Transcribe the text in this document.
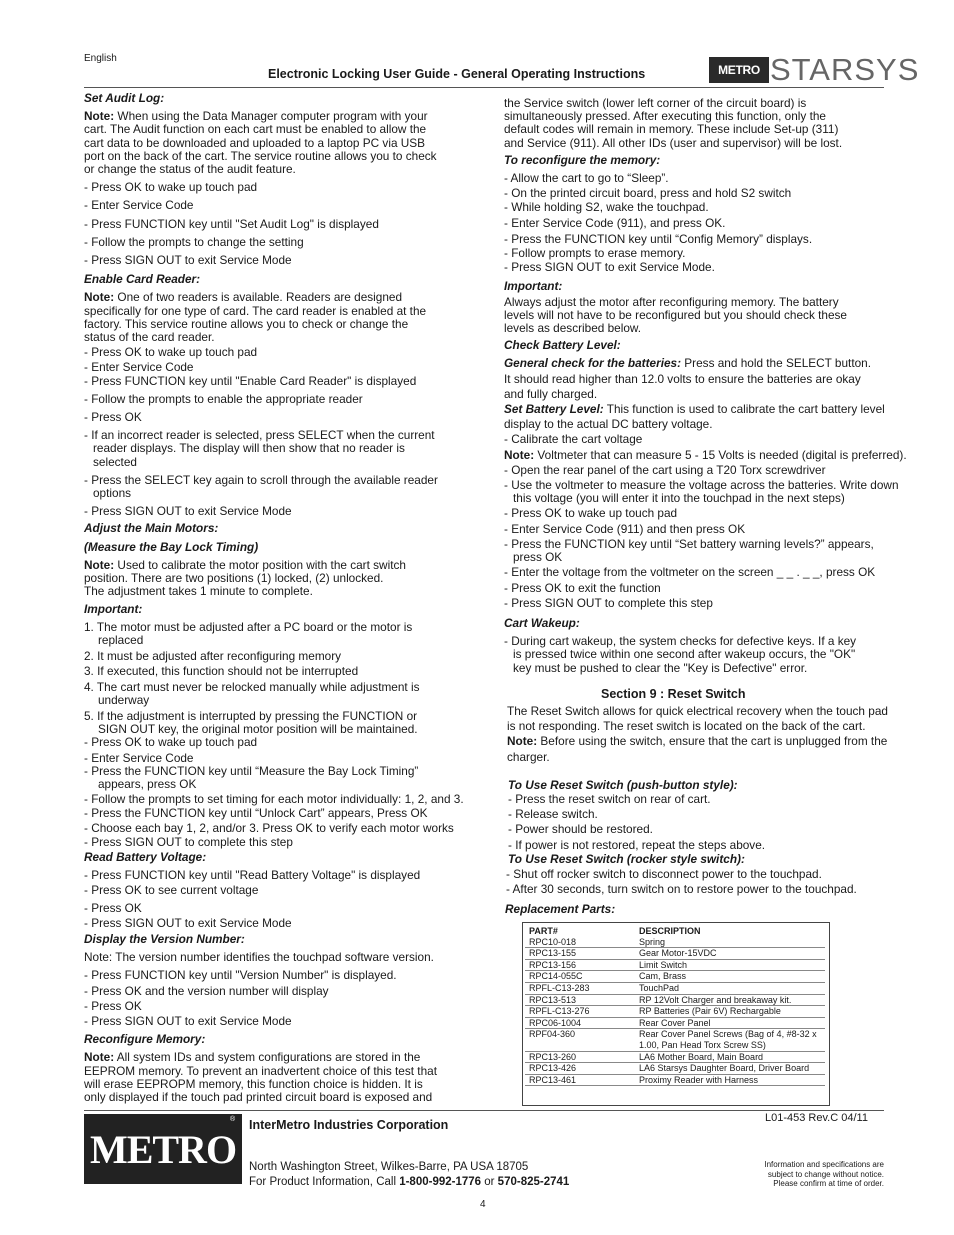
English
Electronic Locking User Guide - General Operating Instructions	METRO STARSYS
Set Audit Log:
Note: When using the Data Manager computer program with your
cart. The Audit function on each cart must be enabled to allow the
cart data to be downloaded and uploaded to a laptop PC via USB
port on the back of the cart. The service routine allows you to check
or change the status of the audit feature.
- Press OK to wake up touch pad
- Enter Service Code
- Press FUNCTION key until "Set Audit Log" is displayed
- Follow the prompts to change the setting
- Press SIGN OUT to exit Service Mode
Enable Card Reader:
Note: One of two readers is available. Readers are designed
specifically for one type of card. The card reader is enabled at the
factory. This service routine allows you to check or change the
status of the card reader.
- Press OK to wake up touch pad
- Enter Service Code
- Press FUNCTION key until "Enable Card Reader" is displayed
- Follow the prompts to enable the appropriate reader
- Press OK
- If an incorrect reader is selected, press SELECT when the current
reader displays. The display will then show that no reader is
selected
- Press the SELECT key again to scroll through the available reader
options
- Press SIGN OUT to exit Service Mode
Adjust the Main Motors:
(Measure the Bay Lock Timing)
Note: Used to calibrate the motor position with the cart switch
position. There are two positions (1) locked, (2) unlocked.
The adjustment takes 1 minute to complete.
Important:
1. The motor must be adjusted after a PC board or the motor is
replaced
2. It must be adjusted after reconfiguring memory
3. If executed, this function should not be interrupted
4. The cart must never be relocked manually while adjustment is
underway
5. If the adjustment is interrupted by pressing the FUNCTION or
SIGN OUT key, the original motor position will be maintained.
- Press OK to wake up touch pad
- Enter Service Code
- Press the FUNCTION key until “Measure the Bay Lock Timing”
appears, press OK
- Follow the prompts to set timing for each motor individually: 1, 2, and 3.
- Press the FUNCTION key until “Unlock Cart” appears, Press OK
- Choose each bay 1, 2, and/or 3. Press OK to verify each motor works
- Press SIGN OUT to complete this step
Read Battery Voltage:
- Press FUNCTION key until "Read Battery Voltage" is displayed
- Press OK to see current voltage
- Press OK
- Press SIGN OUT to exit Service Mode
Display the Version Number:
Note: The version number identifies the touchpad software version.
- Press FUNCTION key until "Version Number" is displayed.
- Press OK and the version number will display
- Press OK
- Press SIGN OUT to exit Service Mode
Reconfigure Memory:
Note: All system IDs and system configurations are stored in the
EEPROM memory. To prevent an inadvertent choice of this test that
will erase EEPROPM memory, this function choice is hidden. It is
only displayed if the touch pad printed circuit board is exposed and
the Service switch (lower left corner of the circuit board) is
simultaneously pressed. After executing this function, only the
default codes will remain in memory. These include Set-up (311)
and Service (911). All other IDs (user and supervisor) will be lost.
To reconfigure the memory:
- Allow the cart to go to “Sleep”.
- On the printed circuit board, press and hold S2 switch
- While holding S2, wake the touchpad.
- Enter Service Code (911), and press OK.
- Press the FUNCTION key until “Config Memory” displays.
- Follow prompts to erase memory.
- Press SIGN OUT to exit Service Mode.
Important:
Always adjust the motor after reconfiguring memory. The battery
levels will not have to be reconfigured but you should check these
levels as described below.
Check Battery Level:
General check for the batteries: Press and hold the SELECT button.
It should read higher than 12.0 volts to ensure the batteries are okay
and fully charged.
Set Battery Level: This function is used to calibrate the cart battery level
display to the actual DC battery voltage.
- Calibrate the cart voltage
Note: Voltmeter that can measure 5 - 15 Volts is needed (digital is preferred).
- Open the rear panel of the cart using a T20 Torx screwdriver
- Use the voltmeter to measure the voltage across the batteries. Write down
this voltage (you will enter it into the touchpad in the next steps)
- Press OK to wake up touch pad
- Enter Service Code (911) and then press OK
- Press the FUNCTION key until “Set battery warning levels?” appears,
press OK
- Enter the voltage from the voltmeter on the screen _ _ . _ _, press OK
- Press OK to exit the function
- Press SIGN OUT to complete this step
Cart Wakeup:
- During cart wakeup, the system checks for defective keys. If a key
is pressed twice within one second after wakeup occurs, the "OK"
key must be pushed to clear the "Key is Defective" error.
Section 9 : Reset Switch
The Reset Switch allows for quick electrical recovery when the touch pad
is not responding. The reset switch is located on the back of the cart.
Note: Before using the switch, ensure that the cart is unplugged from the
charger.
To Use Reset Switch (push-button style):
- Press the reset switch on rear of cart.
- Release switch.
- Power should be restored.
- If power is not restored, repeat the steps above.
To Use Reset Switch (rocker style switch):
- Shut off rocker switch to disconnect power to the touchpad.
- After 30 seconds, turn switch on to restore power to the touchpad.
Replacement Parts:
PART#	DESCRIPTION
RPC10-018	Spring
RPC13-155	Gear Motor-15VDC
RPC13-156	Limit Switch
RPC14-055C	Cam, Brass
RPFL-C13-283	TouchPad
RPC13-513	RP 12Volt Charger and breakaway kit.
RPFL-C13-276	RP Batteries (Pair 6V) Rechargable
RPC06-1004	Rear Cover Panel
RPF04-360	Rear Cover Panel Screws (Bag of 4, #8-32 x 1.00, Pan Head Torx Screw SS)
RPC13-260	LA6 Mother Board, Main Board
RPC13-426	LA6 Starsys Daughter Board, Driver Board
RPC13-461	Proximy Reader with Harness
METRO
® InterMetro Industries Corporation	L01-453 Rev.C 04/11
North Washington Street, Wilkes-Barre, PA USA 18705
For Product Information, Call 1-800-992-1776 or 570-825-2741
Information and specifications are
subject to change without notice.
Please confirm at time of order.
4
